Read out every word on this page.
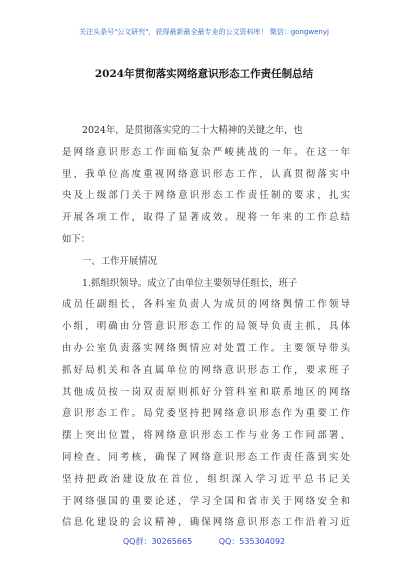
关注头条号"公文研究"，获得最新最全最专业的公文资料库！ 微信：gongwenyj
2024年贯彻落实网络意识形态工作责任制总结
2024年，是贯彻落实党的二十大精神的关键之年，也
是网络意识形态工作面临复杂严峻挑战的一年。在这一年
里，我单位高度重视网络意识形态工作，认真贯彻落实中
央及上级部门关于网络意识形态工作责任制的要求，扎实
开展各项工作，取得了显著成效。现将一年来的工作总结
如下：
一、工作开展情况
1.抓组织领导。成立了由单位主要领导任组长，班子
成员任副组长，各科室负责人为成员的网络舆情工作领导
小组，明确由分管意识形态工作的局领导负责主抓，具体
由办公室负责落实网络舆情应对处置工作。主要领导带头
抓好局机关和各直属单位的网络意识形态工作，要求班子
其他成员按一岗双责原则抓好分管科室和联系地区的网络
意识形态工作。局党委坚持把网络意识形态作为重要工作
摆上突出位置，将网络意识形态工作与业务工作同部署、
同检查、同考核，确保了网络意识形态工作责任落到实处
坚持把政治建设放在首位，组织深入学习近平总书记关
于网络强国的重要论述，学习全国和省市关于网络安全和
信息化建设的会议精神，确保网络意识形态工作沿着习近
QQ群：30265665	QQ：535304092
